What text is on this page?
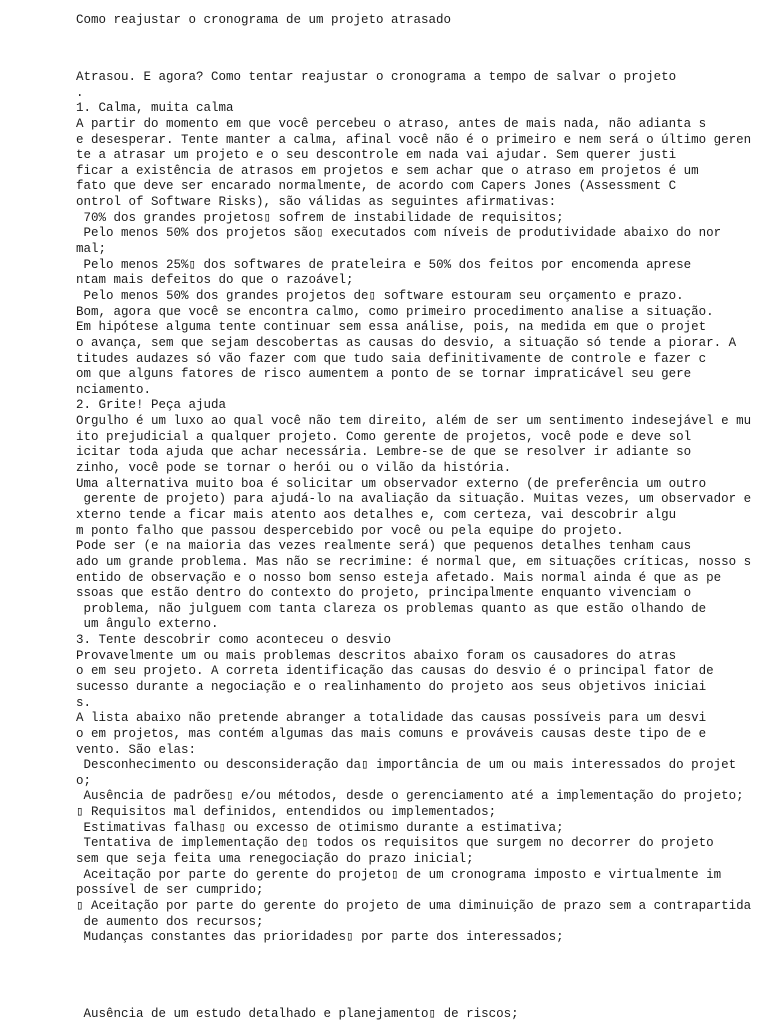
Como reajustar o cronograma de um projeto atrasado
Atrasou. E agora? Como tentar reajustar o cronograma a tempo de salvar o projeto
.
1. Calma, muita calma
A partir do momento em que você percebeu o atraso, antes de mais nada, não adianta s
e desesperar. Tente manter a calma, afinal você não é o primeiro e nem será o último geren
te a atrasar um projeto e o seu descontrole em nada vai ajudar. Sem querer justi
ficar a existência de atrasos em projetos e sem achar que o atraso em projetos é um
fato que deve ser encarado normalmente, de acordo com Capers Jones (Assessment C
ontrol of Software Risks), são válidas as seguintes afirmativas:
70% dos grandes projetos▯ sofrem de instabilidade de requisitos;
Pelo menos 50% dos projetos são▯ executados com níveis de produtividade abaixo do nor
mal;
Pelo menos 25%▯ dos softwares de prateleira e 50% dos feitos por encomenda aprese
ntam mais defeitos do que o razoável;
Pelo menos 50% dos grandes projetos de▯ software estouram seu orçamento e prazo.
Bom, agora que você se encontra calmo, como primeiro procedimento analise a situação.
Em hipótese alguma tente continuar sem essa análise, pois, na medida em que o projet
o avança, sem que sejam descobertas as causas do desvio, a situação só tende a piorar. A
titudes audazes só vão fazer com que tudo saia definitivamente de controle e fazer c
om que alguns fatores de risco aumentem a ponto de se tornar impraticável seu gere
nciamento.
2. Grite! Peça ajuda
Orgulho é um luxo ao qual você não tem direito, além de ser um sentimento indesejável e mu
ito prejudicial a qualquer projeto. Como gerente de projetos, você pode e deve sol
icitar toda ajuda que achar necessária. Lembre-se de que se resolver ir adiante so
zinho, você pode se tornar o herói ou o vilão da história.
Uma alternativa muito boa é solicitar um observador externo (de preferência um outro
gerente de projeto) para ajudá-lo na avaliação da situação. Muitas vezes, um observador e
xterno tende a ficar mais atento aos detalhes e, com certeza, vai descobrir algu
m ponto falho que passou despercebido por você ou pela equipe do projeto.
Pode ser (e na maioria das vezes realmente será) que pequenos detalhes tenham caus
ado um grande problema. Mas não se recrimine: é normal que, em situações críticas, nosso s
entido de observação e o nosso bom senso esteja afetado. Mais normal ainda é que as pe
ssoas que estão dentro do contexto do projeto, principalmente enquanto vivenciam o
problema, não julguem com tanta clareza os problemas quanto as que estão olhando de
um ângulo externo.
3. Tente descobrir como aconteceu o desvio
Provavelmente um ou mais problemas descritos abaixo foram os causadores do atras
o em seu projeto. A correta identificação das causas do desvio é o principal fator de
sucesso durante a negociação e o realinhamento do projeto aos seus objetivos iniciai
s.
A lista abaixo não pretende abranger a totalidade das causas possíveis para um desvi
o em projetos, mas contém algumas das mais comuns e prováveis causas deste tipo de e
vento. São elas:
Desconhecimento ou desconsideração da▯ importância de um ou mais interessados do projet
o;
Ausência de padrões▯ e/ou métodos, desde o gerenciamento até a implementação do projeto;
▯ Requisitos mal definidos, entendidos ou implementados;
Estimativas falhas▯ ou excesso de otimismo durante a estimativa;
Tentativa de implementação de▯ todos os requisitos que surgem no decorrer do projeto
sem que seja feita uma renegociação do prazo inicial;
Aceitação por parte do gerente do projeto▯ de um cronograma imposto e virtualmente im
possível de ser cumprido;
▯ Aceitação por parte do gerente do projeto de uma diminuição de prazo sem a contrapartida
de aumento dos recursos;
Mudanças constantes das prioridades▯ por parte dos interessados;
Ausência de um estudo detalhado e planejamento▯ de riscos;
